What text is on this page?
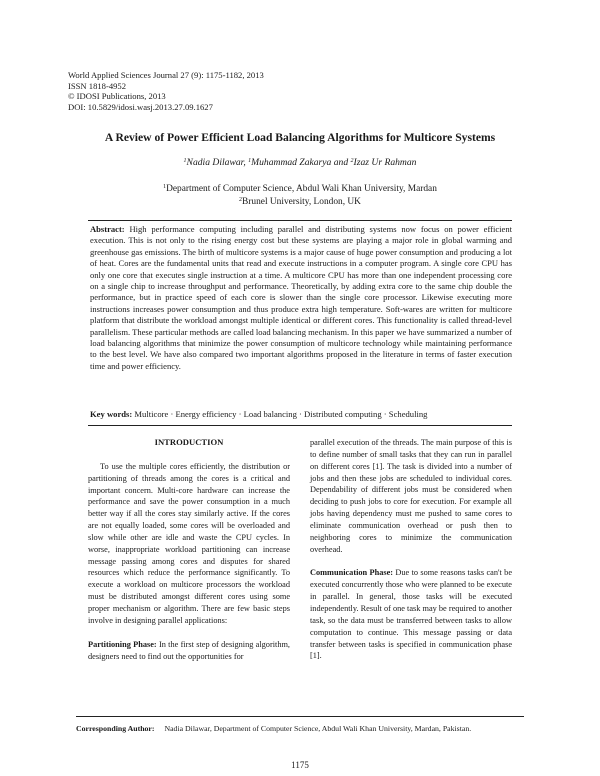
World Applied Sciences Journal 27 (9): 1175-1182, 2013
ISSN 1818-4952
© IDOSI Publications, 2013
DOI: 10.5829/idosi.wasj.2013.27.09.1627
A Review of Power Efficient Load Balancing Algorithms for Multicore Systems
$^1$Nadia Dilawar, $^1$Muhammad Zakarya and $^2$Izaz Ur Rahman
$^1$Department of Computer Science, Abdul Wali Khan University, Mardan
$^2$Brunel University, London, UK
Abstract: High performance computing including parallel and distributing systems now focus on power efficient execution. This is not only to the rising energy cost but these systems are playing a major role in global warming and greenhouse gas emissions. The birth of multicore systems is a major cause of huge power consumption and producing a lot of heat. Cores are the fundamental units that read and execute instructions in a computer program. A single core CPU has only one core that executes single instruction at a time. A multicore CPU has more than one independent processing core on a single chip to increase throughput and performance. Theoretically, by adding extra core to the same chip double the performance, but in practice speed of each core is slower than the single core processor. Likewise executing more instructions increases power consumption and thus produce extra high temperature. Soft-wares are written for multicore platform that distribute the workload amongst multiple identical or different cores. This functionality is called thread-level parallelism. These particular methods are called load balancing mechanism. In this paper we have summarized a number of load balancing algorithms that minimize the power consumption of multicore technology while maintaining performance to the best level. We have also compared two important algorithms proposed in the literature in terms of faster execution time and power efficiency.
Key words: Multicore · Energy efficiency · Load balancing · Distributed computing · Scheduling
INTRODUCTION

To use the multiple cores efficiently, the distribution or partitioning of threads among the cores is a critical and important concern. Multi-core hardware can increase the performance and save the power consumption in a much better way if all the cores stay similarly active. If the cores are not equally loaded, some cores will be overloaded and slow while other are idle and waste the CPU cycles. In worse, inappropriate workload partitioning can increase message passing among cores and disputes for shared resources which reduce the performance significantly. To execute a workload on multicore processors the workload must be distributed amongst different cores using some proper mechanism or algorithm. There are few basic steps involve in designing parallel applications:

Partitioning Phase: In the first step of designing algorithm, designers need to find out the opportunities for

parallel execution of the threads. The main purpose of this is to define number of small tasks that they can run in parallel on different cores [1]. The task is divided into a number of jobs and then these jobs are scheduled to individual cores. Dependability of different jobs must be considered when deciding to push jobs to core for execution. For example all jobs having dependency must me pushed to same cores to eliminate communication overhead or push then to neighboring cores to minimize the communication overhead.

Communication Phase: Due to some reasons tasks can't be executed concurrently those who were planned to be execute in parallel. In general, those tasks will be executed independently. Result of one task may be required to another task, so the data must be transferred between tasks to allow computation to continue. This message passing or data transfer between tasks is specified in communication phase [1].

Corresponding Author: Nadia Dilawar, Department of Computer Science, Abdul Wali Khan University, Mardan, Pakistan.
1175
